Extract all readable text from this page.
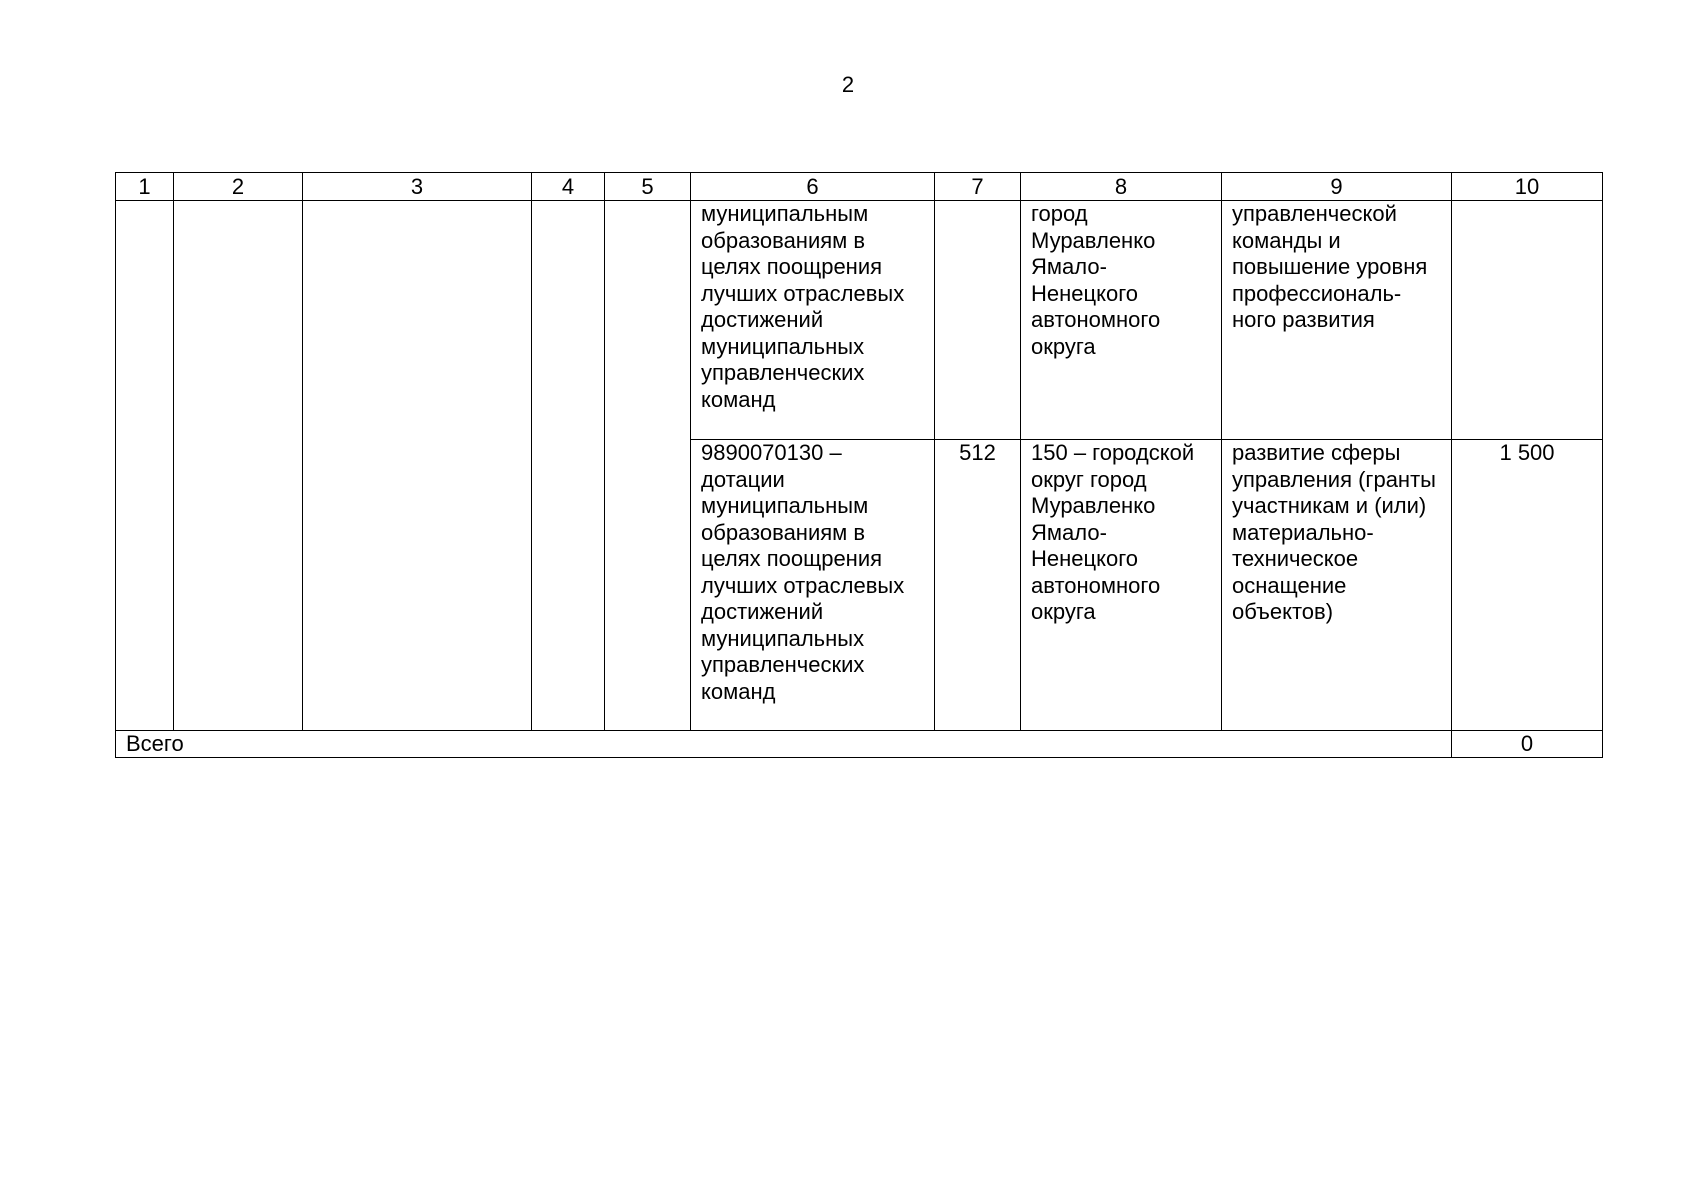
2
1	2	3	4	5	6	7	8	9	10
					муниципальным образованиям в целях поощрения лучших отраслевых достижений муниципальных управленческих команд		город Муравленко Ямало-Ненецкого автономного округа	управленческой команды и повышение уровня профессиональ-ного развития	
					9890070130 – дотации муниципальным образованиям в целях поощрения лучших отраслевых достижений муниципальных управленческих команд	512	150 – городской округ город Муравленко Ямало-Ненецкого автономного округа	развитие сферы управления (гранты участникам и (или) материально-техническое оснащение объектов)	1 500
Всего									0
